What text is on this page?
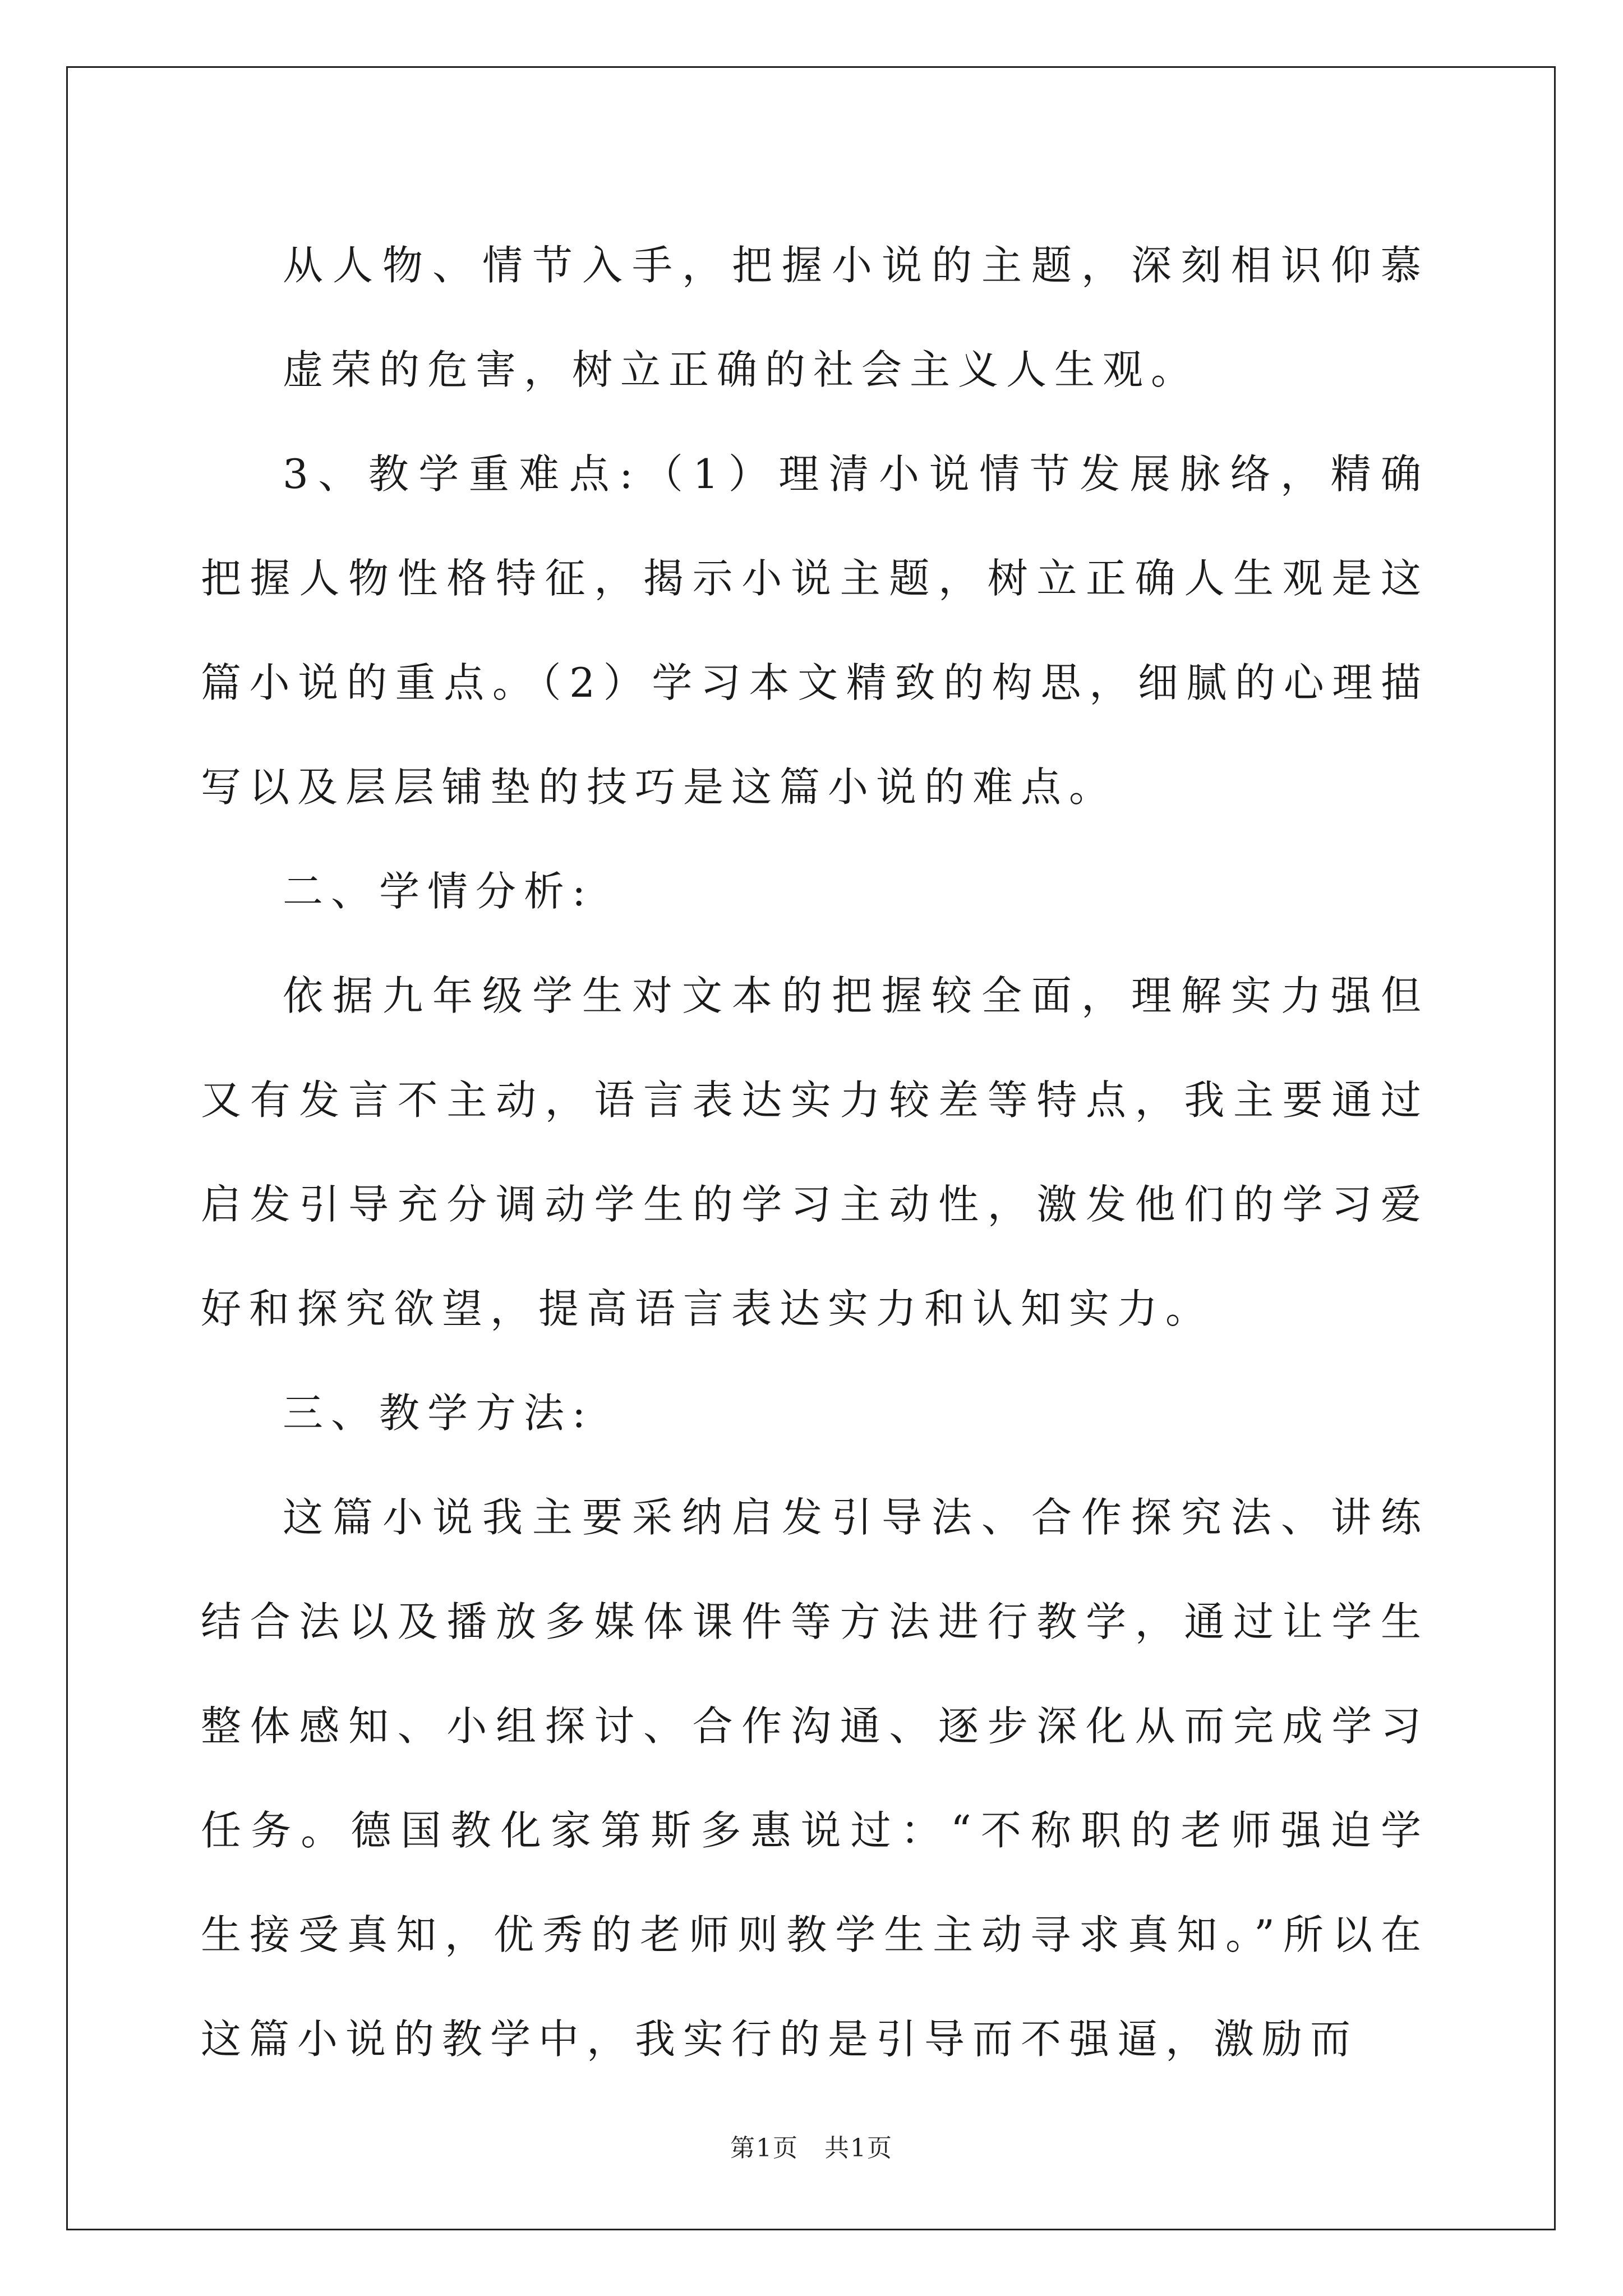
从人物、情节入手，把握小说的主题，深刻相识仰慕虚荣的危害，树立正确的社会主义人生观。

3、教学重难点:（1）理清小说情节发展脉络，精确把握人物性格特征，揭示小说主题，树立正确人生观是这篇小说的重点。（2）学习本文精致的构思，细腻的心理描写以及层层铺垫的技巧是这篇小说的难点。

二、学情分析:

依据九年级学生对文本的把握较全面，理解实力强但又有发言不主动，语言表达实力较差等特点，我主要通过启发引导充分调动学生的学习主动性，激发他们的学习爱好和探究欲望，提高语言表达实力和认知实力。

三、教学方法:

这篇小说我主要采纳启发引导法、合作探究法、讲练结合法以及播放多媒体课件等方法进行教学，通过让学生整体感知、小组探讨、合作沟通、逐步深化从而完成学习任务。德国教化家第斯多惠说过：“不称职的老师强迫学生接受真知，优秀的老师则教学生主动寻求真知。”所以在这篇小说的教学中，我实行的是引导而不强逼，激励而

第1页　共1页
